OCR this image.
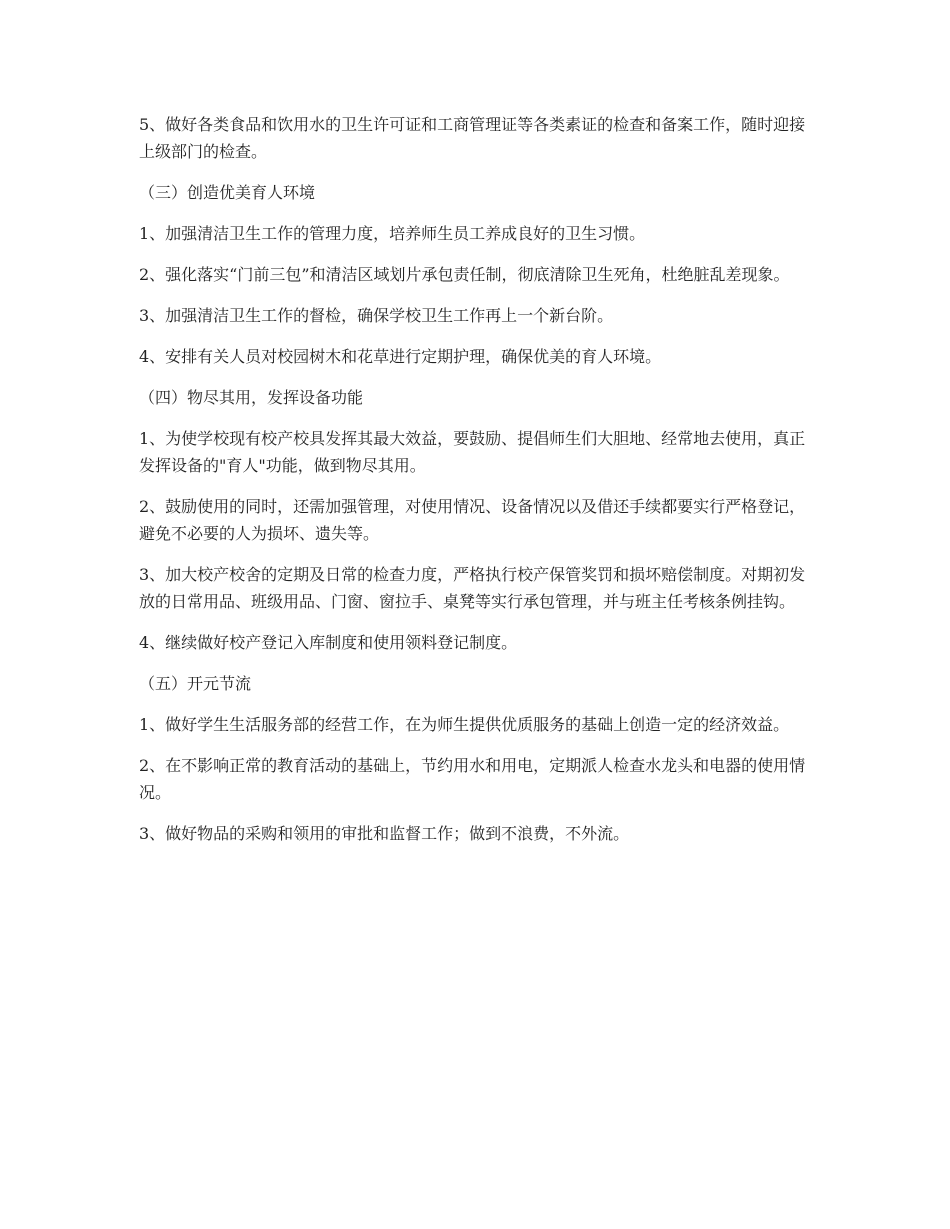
5、做好各类食品和饮用水的卫生许可证和工商管理证等各类素证的检查和备案工作，随时迎接上级部门的检查。

（三）创造优美育人环境

1、加强清洁卫生工作的管理力度，培养师生员工养成良好的卫生习惯。

2、强化落实“门前三包”和清洁区域划片承包责任制，彻底清除卫生死角，杜绝脏乱差现象。

3、加强清洁卫生工作的督检，确保学校卫生工作再上一个新台阶。

4、安排有关人员对校园树木和花草进行定期护理，确保优美的育人环境。

（四）物尽其用，发挥设备功能

1、为使学校现有校产校具发挥其最大效益，要鼓励、提倡师生们大胆地、经常地去使用，真正发挥设备的"育人"功能，做到物尽其用。

2、鼓励使用的同时，还需加强管理，对使用情况、设备情况以及借还手续都要实行严格登记，避免不必要的人为损坏、遗失等。

3、加大校产校舍的定期及日常的检查力度，严格执行校产保管奖罚和损坏赔偿制度。对期初发放的日常用品、班级用品、门窗、窗拉手、桌凳等实行承包管理，并与班主任考核条例挂钩。

4、继续做好校产登记入库制度和使用领料登记制度。

（五）开元节流

1、做好学生生活服务部的经营工作，在为师生提供优质服务的基础上创造一定的经济效益。

2、在不影响正常的教育活动的基础上，节约用水和用电，定期派人检查水龙头和电器的使用情况。

3、做好物品的采购和领用的审批和监督工作；做到不浪费，不外流。
